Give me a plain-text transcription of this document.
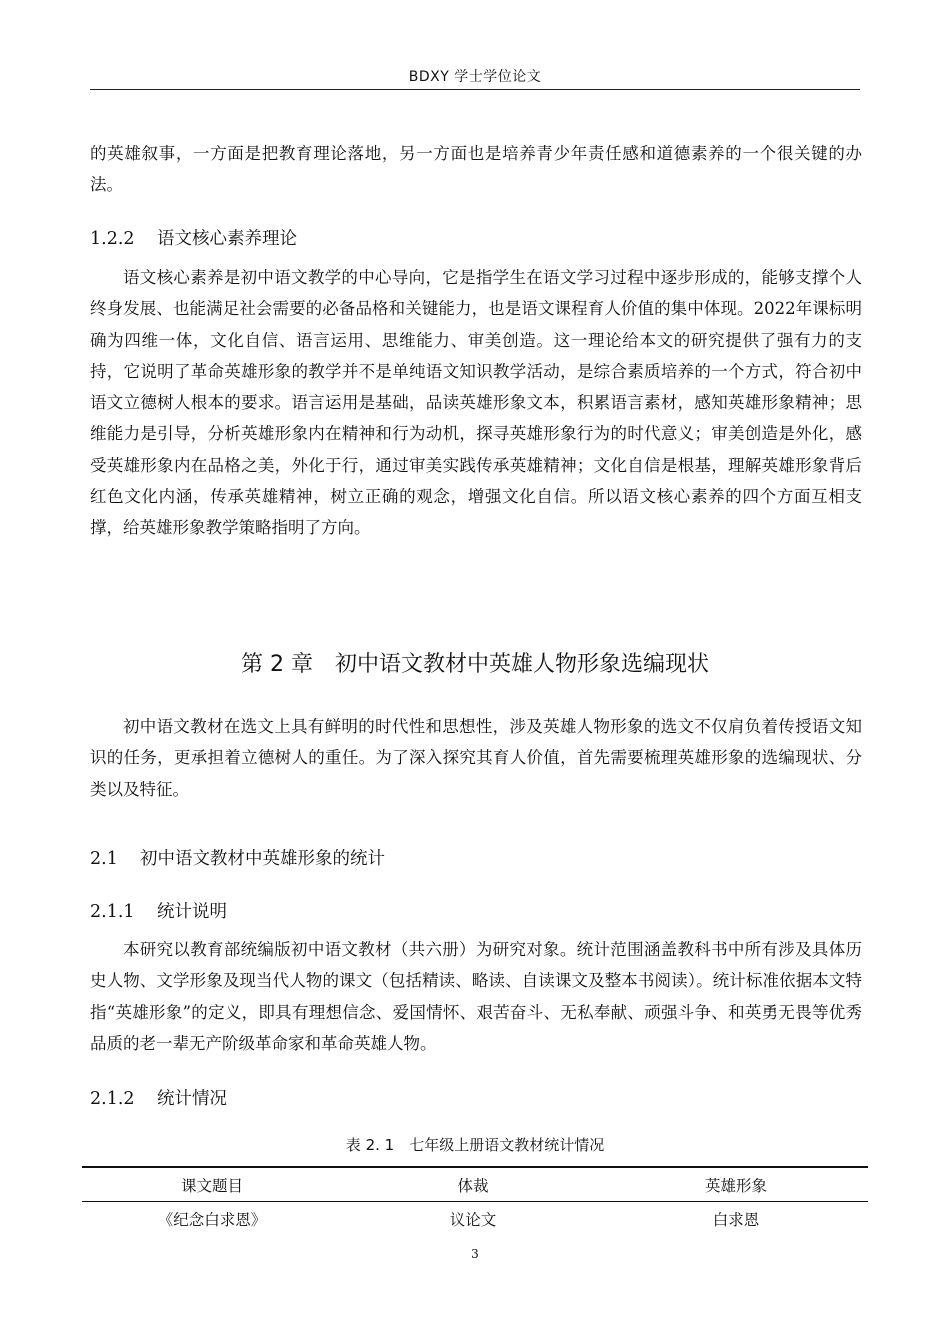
BDXY 学士学位论文

的英雄叙事，一方面是把教育理论落地，另一方面也是培养青少年责任感和道德素养的一个很关键的办法。

1.2.2 语文核心素养理论

语文核心素养是初中语文教学的中心导向，它是指学生在语文学习过程中逐步形成的，能够支撑个人终身发展、也能满足社会需要的必备品格和关键能力，也是语文课程育人价值的集中体现。2022年课标明确为四维一体，文化自信、语言运用、思维能力、审美创造。这一理论给本文的研究提供了强有力的支持，它说明了革命英雄形象的教学并不是单纯语文知识教学活动，是综合素质培养的一个方式，符合初中语文立德树人根本的要求。语言运用是基础，品读英雄形象文本，积累语言素材，感知英雄形象精神；思维能力是引导，分析英雄形象内在精神和行为动机，探寻英雄形象行为的时代意义；审美创造是外化，感受英雄形象内在品格之美，外化于行，通过审美实践传承英雄精神；文化自信是根基，理解英雄形象背后红色文化内涵，传承英雄精神，树立正确的观念，增强文化自信。所以语文核心素养的四个方面互相支撑，给英雄形象教学策略指明了方向。

第 2 章　初中语文教材中英雄人物形象选编现状

初中语文教材在选文上具有鲜明的时代性和思想性，涉及英雄人物形象的选文不仅肩负着传授语文知识的任务，更承担着立德树人的重任。为了深入探究其育人价值，首先需要梳理英雄形象的选编现状、分类以及特征。

2.1 初中语文教材中英雄形象的统计
2.1.1 统计说明

本研究以教育部统编版初中语文教材（共六册）为研究对象。统计范围涵盖教科书中所有涉及具体历史人物、文学形象及现当代人物的课文（包括精读、略读、自读课文及整本书阅读）。统计标准依据本文特指“英雄形象”的定义，即具有理想信念、爱国情怀、艰苦奋斗、无私奉献、顽强斗争、和英勇无畏等优秀品质的老一辈无产阶级革命家和革命英雄人物。

2.1.2 统计情况
表 2. 1　七年级上册语文教材统计情况
课文题目	体裁	英雄形象
《纪念白求恩》	议论文	白求恩
3
